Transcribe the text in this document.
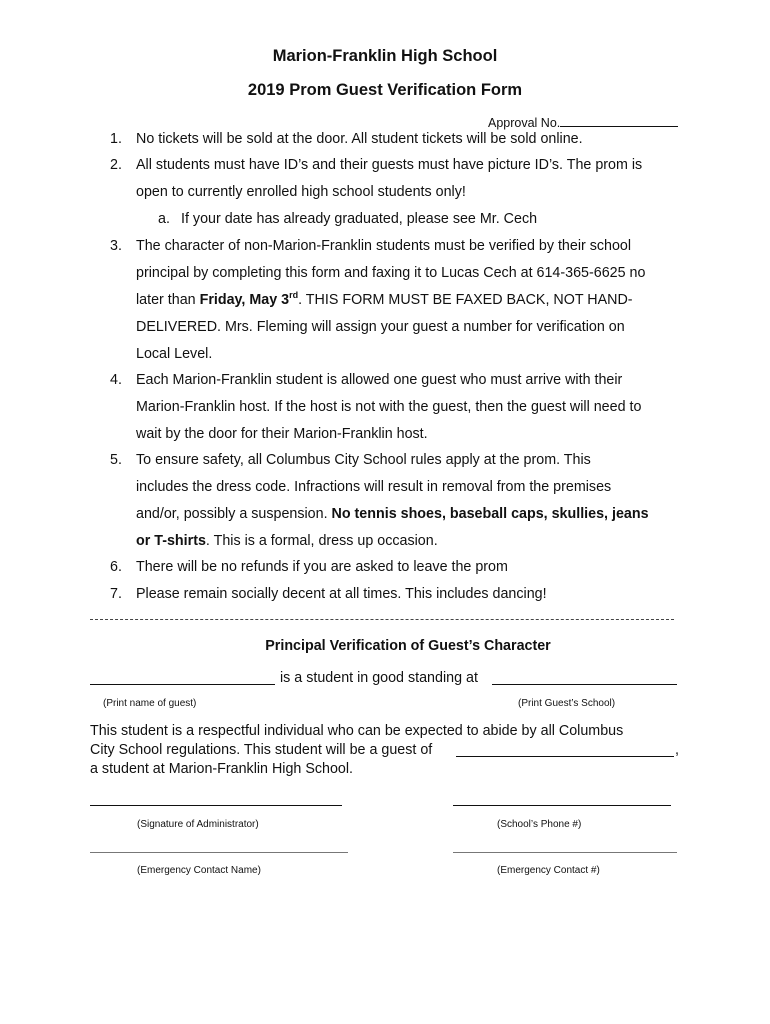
Marion-Franklin High School
2019 Prom Guest Verification Form
Approval No.
1. No tickets will be sold at the door. All student tickets will be sold online.
2. All students must have ID’s and their guests must have picture ID’s. The prom is
open to currently enrolled high school students only!
a. If your date has already graduated, please see Mr. Cech
3. The character of non-Marion-Franklin students must be verified by their school
principal by completing this form and faxing it to Lucas Cech at 614-365-6625 no
later than Friday, May 3rd. THIS FORM MUST BE FAXED BACK, NOT HAND-
DELIVERED. Mrs. Fleming will assign your guest a number for verification on
Local Level.
4. Each Marion-Franklin student is allowed one guest who must arrive with their
Marion-Franklin host. If the host is not with the guest, then the guest will need to
wait by the door for their Marion-Franklin host.
5. To ensure safety, all Columbus City School rules apply at the prom. This
includes the dress code. Infractions will result in removal from the premises
and/or, possibly a suspension. No tennis shoes, baseball caps, skullies, jeans
or T-shirts. This is a formal, dress up occasion.
6. There will be no refunds if you are asked to leave the prom
7. Please remain socially decent at all times. This includes dancing!
Principal Verification of Guest’s Character
is a student in good standing at
(Print name of guest)	(Print Guest’s School)
This student is a respectful individual who can be expected to abide by all Columbus
City School regulations. This student will be a guest of	,
a student at Marion-Franklin High School.
(Signature of Administrator)	(School’s Phone #)
(Emergency Contact Name)	(Emergency Contact #)
